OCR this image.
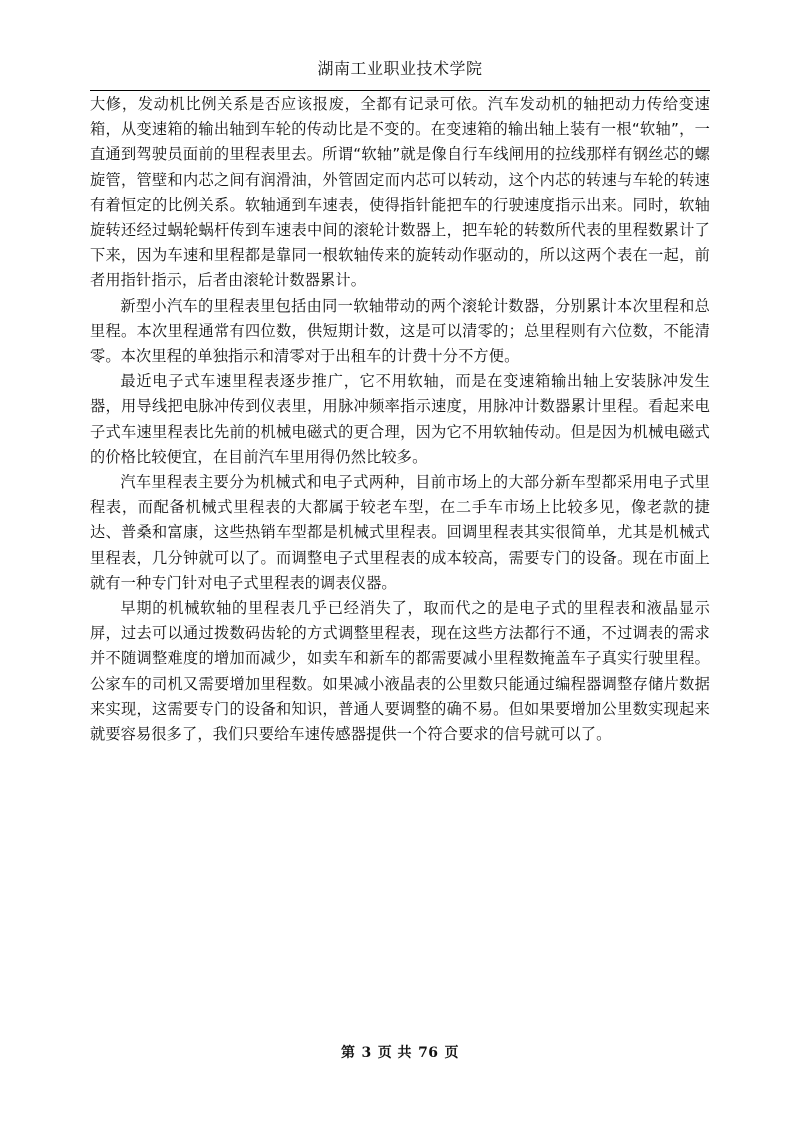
湖南工业职业技术学院

大修，发动机比例关系是否应该报废，全都有记录可依。汽车发动机的轴把动力传给变速箱，从变速箱的输出轴到车轮的传动比是不变的。在变速箱的输出轴上装有一根“软轴”，一直通到驾驶员面前的里程表里去。所谓“软轴”就是像自行车线闸用的拉线那样有钢丝芯的螺旋管，管壁和内芯之间有润滑油，外管固定而内芯可以转动，这个内芯的转速与车轮的转速有着恒定的比例关系。软轴通到车速表，使得指针能把车的行驶速度指示出来。同时，软轴旋转还经过蜗轮蜗杆传到车速表中间的滚轮计数器上，把车轮的转数所代表的里程数累计了下来，因为车速和里程都是靠同一根软轴传来的旋转动作驱动的，所以这两个表在一起，前者用指针指示，后者由滚轮计数器累计。

新型小汽车的里程表里包括由同一软轴带动的两个滚轮计数器，分别累计本次里程和总里程。本次里程通常有四位数，供短期计数，这是可以清零的；总里程则有六位数，不能清零。本次里程的单独指示和清零对于出租车的计费十分不方便。

最近电子式车速里程表逐步推广，它不用软轴，而是在变速箱输出轴上安装脉冲发生器，用导线把电脉冲传到仪表里，用脉冲频率指示速度，用脉冲计数器累计里程。看起来电子式车速里程表比先前的机械电磁式的更合理，因为它不用软轴传动。但是因为机械电磁式的价格比较便宜，在目前汽车里用得仍然比较多。

汽车里程表主要分为机械式和电子式两种，目前市场上的大部分新车型都采用电子式里程表，而配备机械式里程表的大都属于较老车型，在二手车市场上比较多见，像老款的捷达、普桑和富康，这些热销车型都是机械式里程表。回调里程表其实很简单，尤其是机械式里程表，几分钟就可以了。而调整电子式里程表的成本较高，需要专门的设备。现在市面上就有一种专门针对电子式里程表的调表仪器。

早期的机械软轴的里程表几乎已经消失了，取而代之的是电子式的里程表和液晶显示屏，过去可以通过拨数码齿轮的方式调整里程表，现在这些方法都行不通，不过调表的需求并不随调整难度的增加而减少，如卖车和新车的都需要减小里程数掩盖车子真实行驶里程。公家车的司机又需要增加里程数。如果减小液晶表的公里数只能通过编程器调整存储片数据来实现，这需要专门的设备和知识，普通人要调整的确不易。但如果要增加公里数实现起来就要容易很多了，我们只要给车速传感器提供一个符合要求的信号就可以了。

第 3 页 共 76 页
